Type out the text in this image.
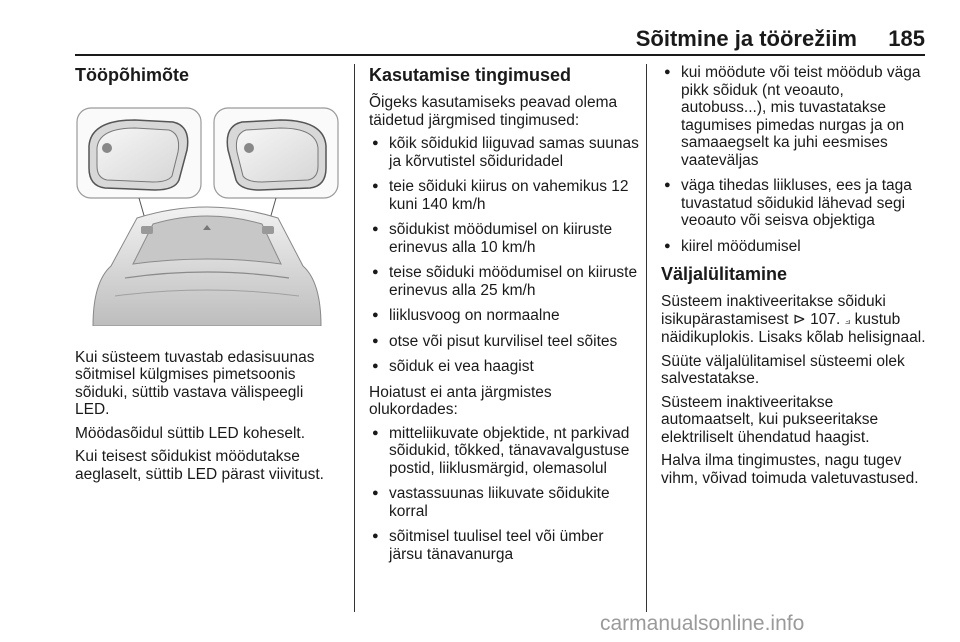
Sõitmine ja töörežiim 185
Tööpõhimõte

Kui süsteem tuvastab edasisuunas sõitmisel külgmises pimetsoonis sõiduki, süttib vastava välispeegli LED.

Möödasõidul süttib LED koheselt.

Kui teisest sõidukist möödutakse aeglaselt, süttib LED pärast viivitust.

Kasutamise tingimused

Õigeks kasutamiseks peavad olema täidetud järgmised tingimused:

● kõik sõidukid liiguvad samas suunas ja kõrvutistel sõiduridadel
● teie sõiduki kiirus on vahemikus 12 kuni 140 km/h
● sõidukist möödumisel on kiiruste erinevus alla 10 km/h
● teise sõiduki möödumisel on kiiruste erinevus alla 25 km/h
● liiklusvoog on normaalne
● otse või pisut kurvilisel teel sõites
● sõiduk ei vea haagist

Hoiatust ei anta järgmistes olukordades:

● mitteliikuvate objektide, nt parkivad sõidukid, tõkked, tänavavalgustuse postid, liiklusmärgid, olemasolul
● vastassuunas liikuvate sõidukite korral
● sõitmisel tuulisel teel või ümber järsu tänavanurga
● kui möödute või teist möödub väga pikk sõiduk (nt veoauto, autobuss...), mis tuvastatakse tagumises pimedas nurgas ja on samaaegselt ka juhi eesmises vaateväljas
● väga tihedas liikluses, ees ja taga tuvastatud sõidukid lähevad segi veoauto või seisva objektiga
● kiirel möödumisel
Väljalülitamine

Süsteem inaktiveeritakse sõiduki isikupärastamisest ⊳ 107. ⟓ kustub näidikuplokis. Lisaks kõlab helisignaal.

Süüte väljalülitamisel süsteemi olek salvestatakse.

Süsteem inaktiveeritakse automaatselt, kui pukseeritakse elektriliselt ühendatud haagist.

Halva ilma tingimustes, nagu tugev vihm, võivad toimuda valetuvastused.

carmanualsonline.info
